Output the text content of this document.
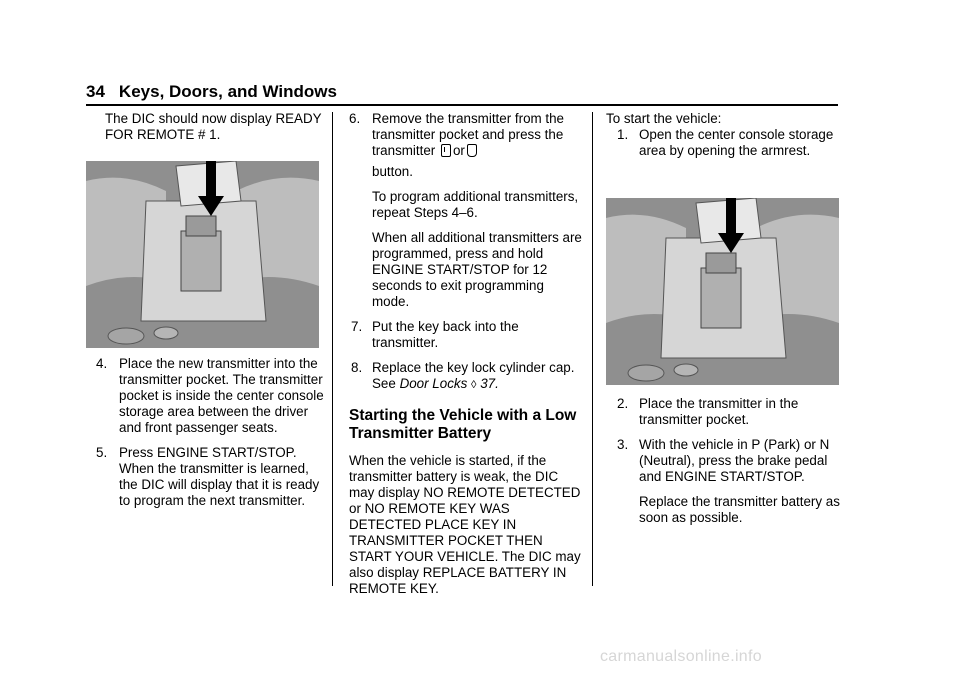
34 Keys, Doors, and Windows

The DIC should now display READY FOR REMOTE # 1.

4. Place the new transmitter into the transmitter pocket. The transmitter pocket is inside the center console storage area between the driver and front passenger seats.

5. Press ENGINE START/STOP. When the transmitter is learned, the DIC will display that it is ready to program the next transmitter.

6. Remove the transmitter from the transmitter pocket and press the transmitter or

button.

To program additional transmitters, repeat Steps 4–6.

When all additional transmitters are programmed, press and hold ENGINE START/STOP for 12 seconds to exit programming mode.

7. Put the key back into the transmitter.

8. Replace the key lock cylinder cap. See Door Locks ◊ 37.

Starting the Vehicle with a Low Transmitter Battery

When the vehicle is started, if the transmitter battery is weak, the DIC may display NO REMOTE DETECTED or NO REMOTE KEY WAS DETECTED PLACE KEY IN TRANSMITTER POCKET THEN START YOUR VEHICLE. The DIC may also display REPLACE BATTERY IN REMOTE KEY.

To start the vehicle:

1. Open the center console storage area by opening the armrest.

2. Place the transmitter in the transmitter pocket.

3. With the vehicle in P (Park) or N (Neutral), press the brake pedal and ENGINE START/STOP.

Replace the transmitter battery as soon as possible.

carmanualsonline.info
